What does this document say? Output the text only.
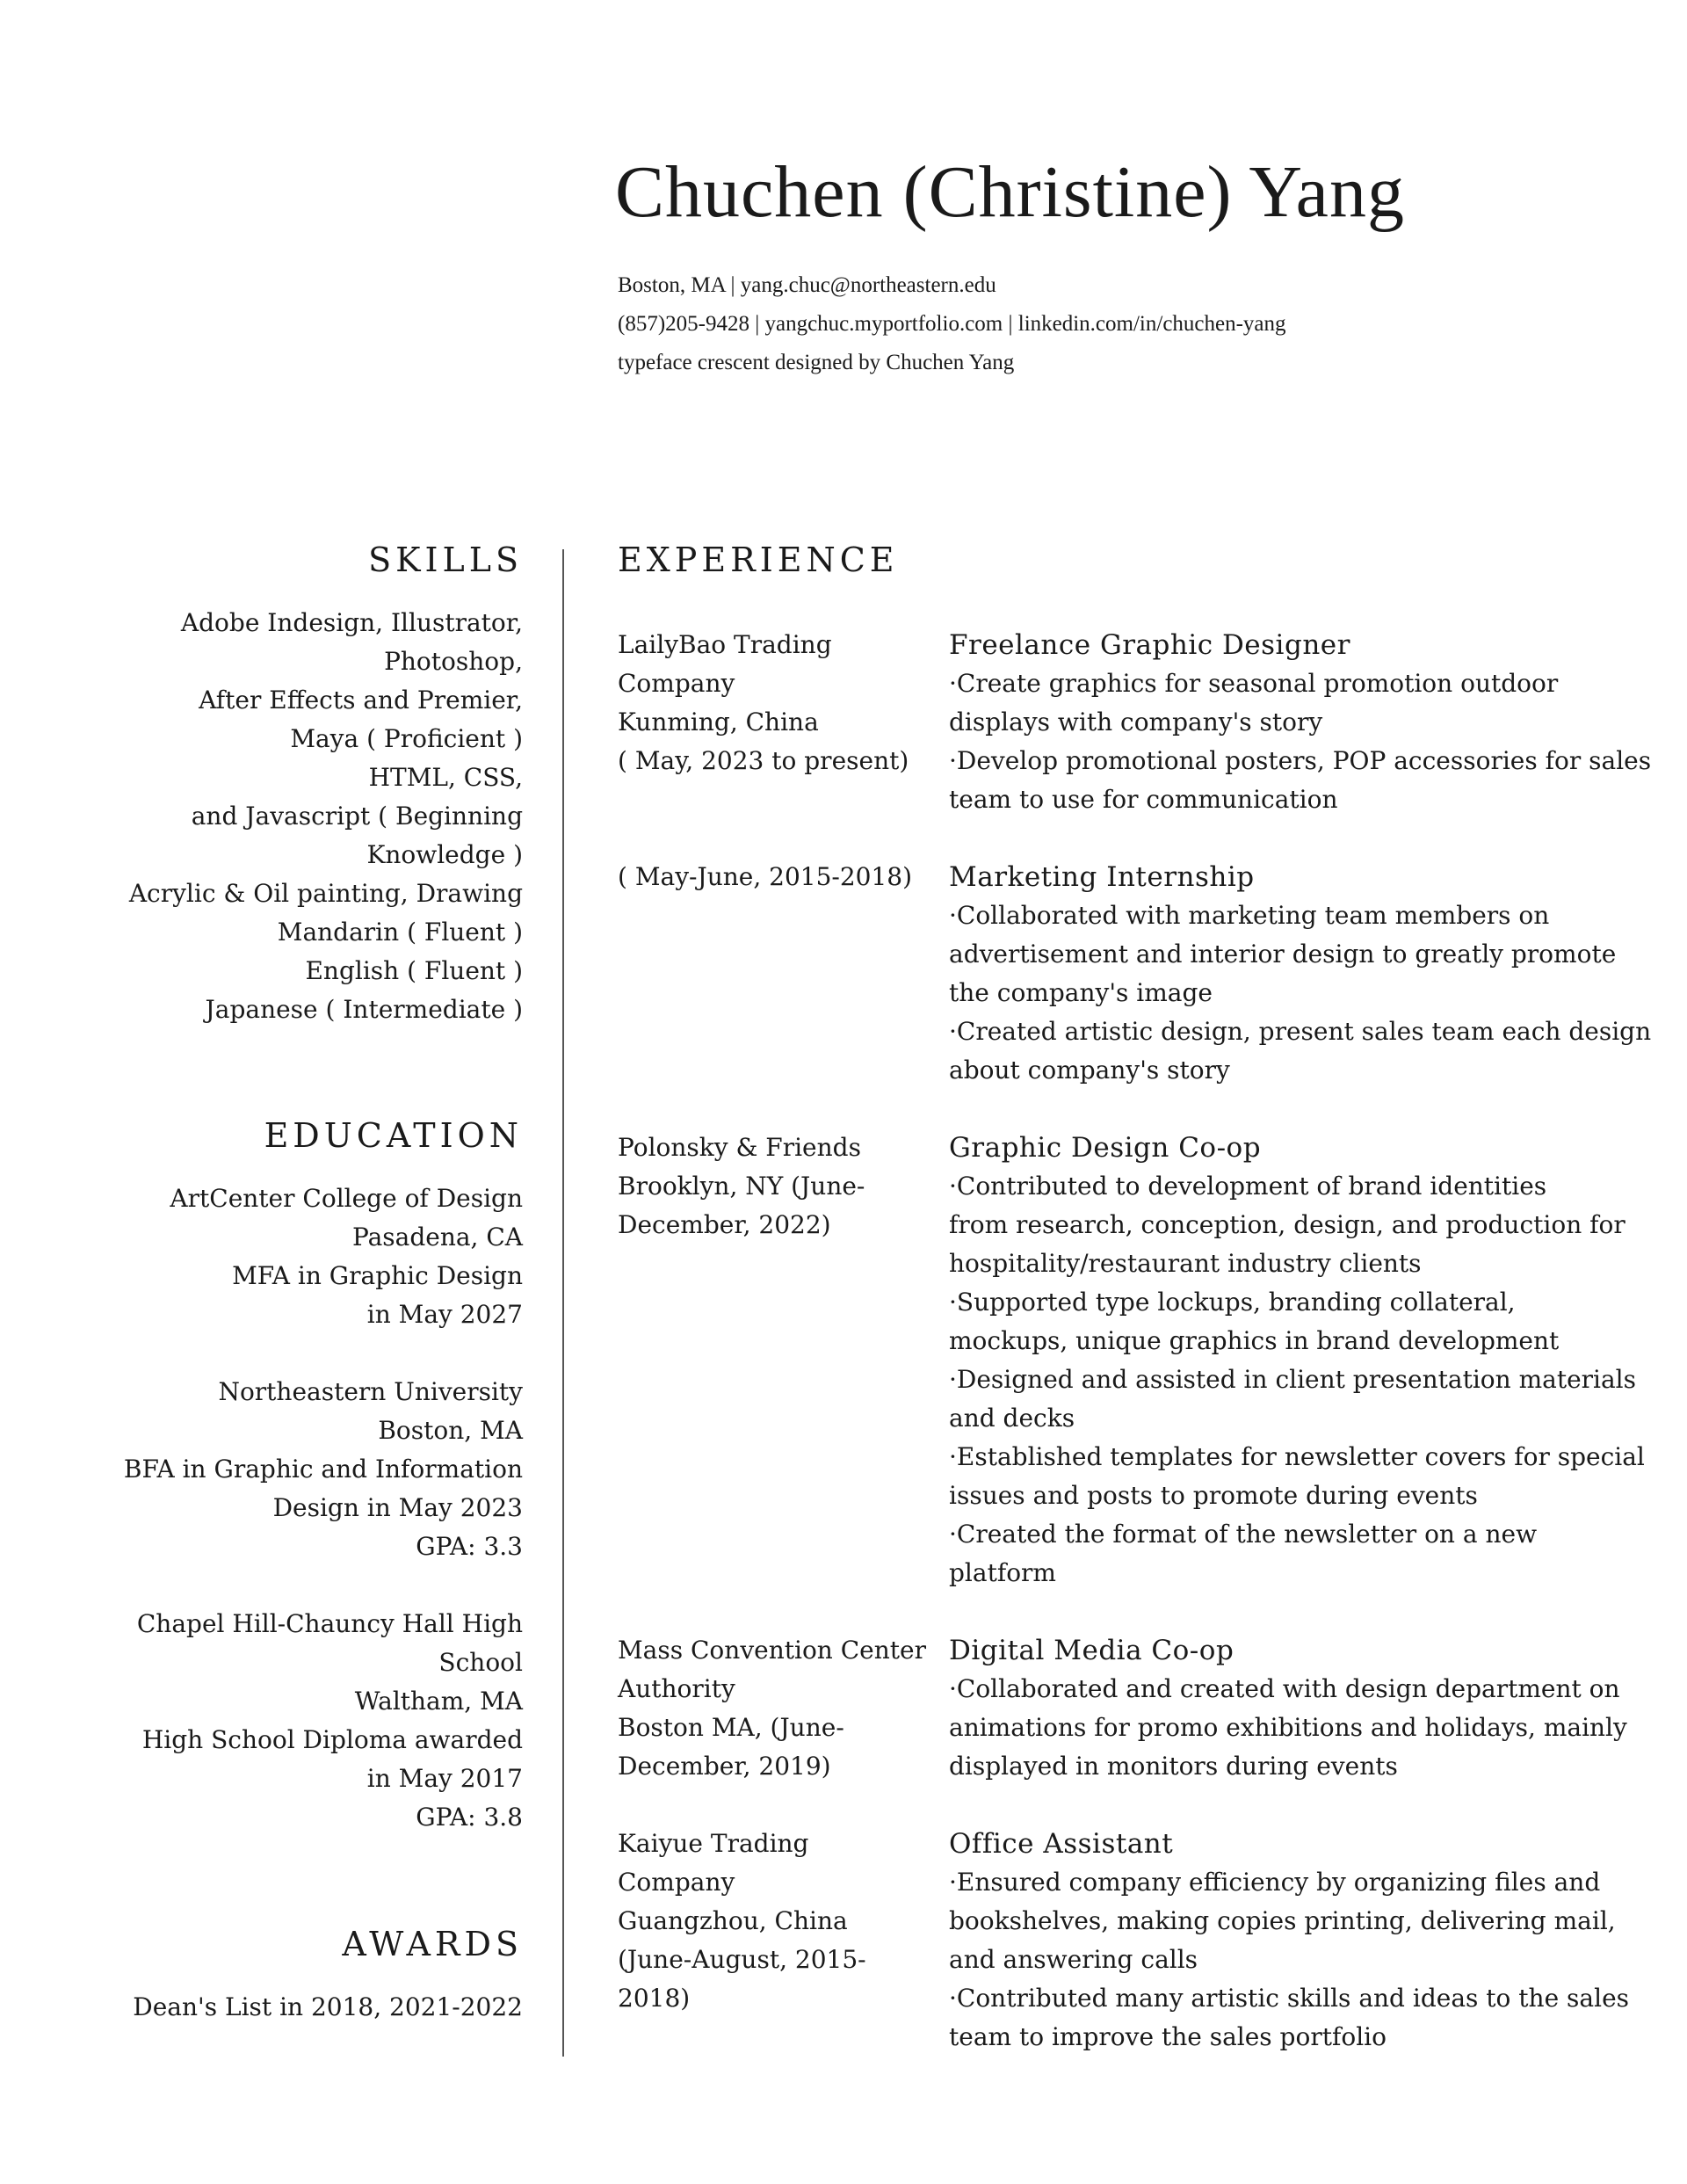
Chuchen (Christine) Yang
Boston, MA | yang.chuc@northeastern.edu
(857)205-9428 | yangchuc.myportfolio.com | linkedin.com/in/chuchen-yang
typeface crescent designed by Chuchen Yang
SKILLS
Adobe Indesign, Illustrator,
Photoshop,
After Effects and Premier,
Maya ( Proficient )
HTML, CSS,
and Javascript ( Beginning
Knowledge )
Acrylic & Oil painting, Drawing
Mandarin ( Fluent )
English ( Fluent )
Japanese ( Intermediate )
EDUCATION
ArtCenter College of Design
Pasadena, CA
MFA in Graphic Design
in May 2027
Northeastern University
Boston, MA
BFA in Graphic and Information
Design in May 2023
GPA: 3.3
Chapel Hill-Chauncy Hall High
School
Waltham, MA
High School Diploma awarded
in May 2017
GPA: 3.8
AWARDS
Dean's List in 2018, 2021-2022
EXPERIENCE
LailyBao Trading
Company
Kunming, China
( May, 2023 to present)
Freelance Graphic Designer
·Create graphics for seasonal promotion outdoor
displays with company's story
·Develop promotional posters, POP accessories for sales
team to use for communication
( May-June, 2015-2018) Marketing Internship
·Collaborated with marketing team members on
advertisement and interior design to greatly promote
the company's image
·Created artistic design, present sales team each design
about company's story
Polonsky & Friends
Brooklyn, NY (June-
December, 2022)
Graphic Design Co-op
·Contributed to development of brand identities
from research, conception, design, and production for
hospitality/restaurant industry clients
·Supported type lockups, branding collateral,
mockups, unique graphics in brand development
·Designed and assisted in client presentation materials
and decks
·Established templates for newsletter covers for special
issues and posts to promote during events
·Created the format of the newsletter on a new
platform
Mass Convention Center
Authority
Boston MA, (June-
December, 2019)
Digital Media Co-op
·Collaborated and created with design department on
animations for promo exhibitions and holidays, mainly
displayed in monitors during events
Kaiyue Trading
Company
Guangzhou, China
(June-August, 2015-
2018)
Office Assistant
·Ensured company efficiency by organizing files and
bookshelves, making copies printing, delivering mail,
and answering calls
·Contributed many artistic skills and ideas to the sales
team to improve the sales portfolio
